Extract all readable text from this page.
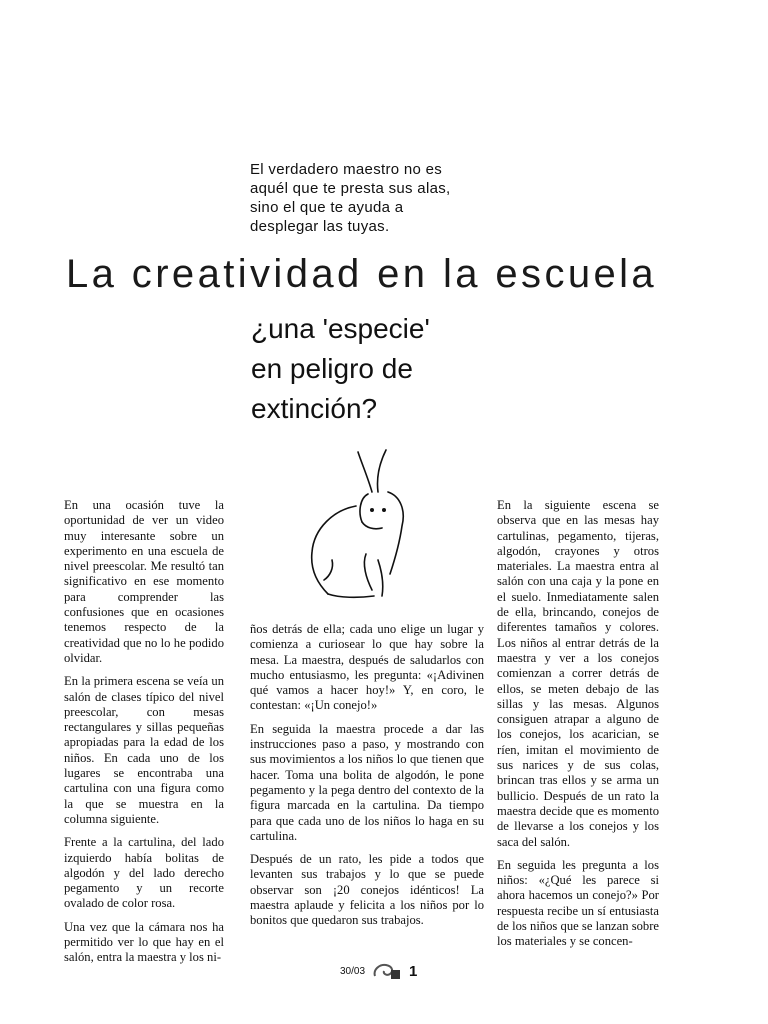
El verdadero maestro no es
aquél que te presta sus alas,
sino el que te ayuda a
desplegar las tuyas.
La creatividad en la escuela
¿una 'especie'
en peligro de
extinción?

En una ocasión tuve la oportunidad de ver un video muy interesante sobre un experimento en una escuela de nivel preescolar. Me resultó tan significativo en ese momento para comprender las confusiones que en ocasiones tenemos respecto de la creatividad que no lo he podido olvidar.

En la primera escena se veía un salón de clases típico del nivel preescolar, con mesas rectangulares y sillas pequeñas apropiadas para la edad de los niños. En cada uno de los lugares se encontraba una cartulina con una figura como la que se muestra en la columna siguiente.

Frente a la cartulina, del lado izquierdo había bolitas de algodón y del lado derecho pegamento y un recorte ovalado de color rosa.

Una vez que la cámara nos ha permitido ver lo que hay en el salón, entra la maestra y los ni-

ños detrás de ella; cada uno elige un lugar y comienza a curiosear lo que hay sobre la mesa. La maestra, después de saludarlos con mucho entusiasmo, les pregunta: «¡Adivinen qué vamos a hacer hoy!» Y, en coro, le contestan: «¡Un conejo!»

En seguida la maestra procede a dar las instrucciones paso a paso, y mostrando con sus movimientos a los niños lo que tienen que hacer. Toma una bolita de algodón, le pone pegamento y la pega dentro del contexto de la figura marcada en la cartulina. Da tiempo para que cada uno de los niños lo haga en su cartulina.

Después de un rato, les pide a todos que levanten sus trabajos y lo que se puede observar son ¡20 conejos idénticos! La maestra aplaude y felicita a los niños por lo bonitos que quedaron sus trabajos.

En la siguiente escena se observa que en las mesas hay cartulinas, pegamento, tijeras, algodón, crayones y otros materiales. La maestra entra al salón con una caja y la pone en el suelo. Inmediatamente salen de ella, brincando, conejos de diferentes tamaños y colores. Los niños al entrar detrás de la maestra y ver a los conejos comienzan a correr detrás de ellos, se meten debajo de las sillas y las mesas. Algunos consiguen atrapar a alguno de los conejos, los acarician, se ríen, imitan el movimiento de sus narices y de sus colas, brincan tras ellos y se arma un bullicio. Después de un rato la maestra decide que es momento de llevarse a los conejos y los saca del salón.

En seguida les pregunta a los niños: «¿Qué les parece si ahora hacemos un conejo?» Por respuesta recibe un sí entusiasta de los niños que se lanzan sobre los materiales y se concen-

30/03	1
